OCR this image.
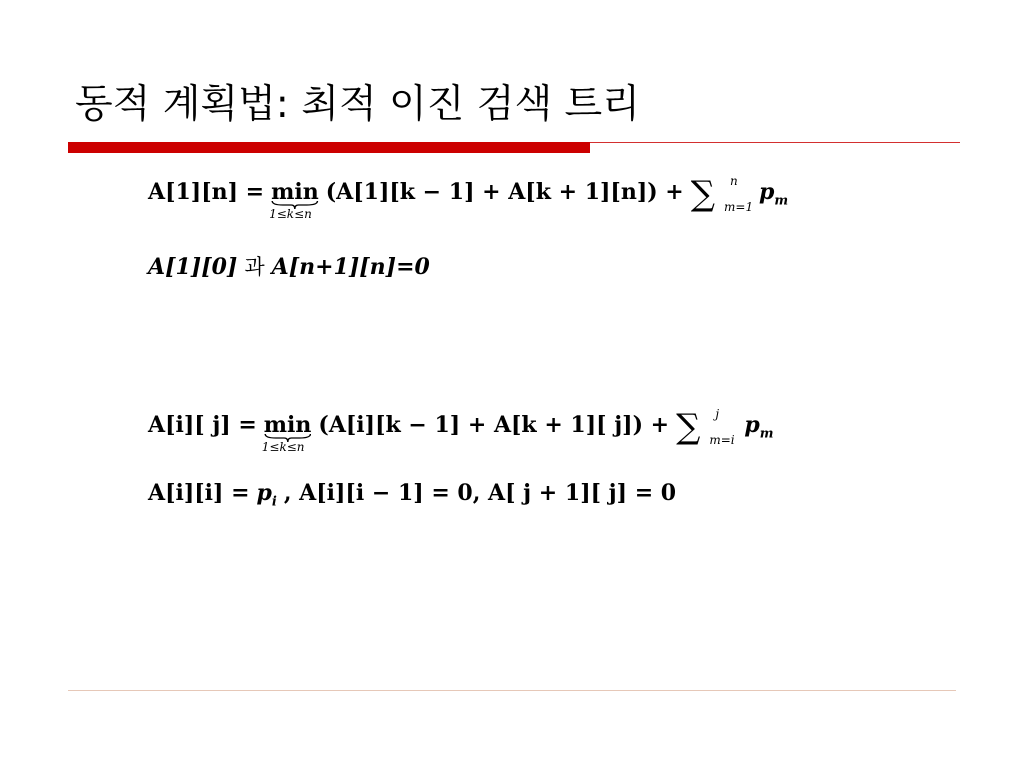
동적 계획법: 최적 이진 검색 트리
A[1][n] = min
1≤k≤n
(A[1][k − 1] + A[k + 1][n]) + ∑ n
m=1
$p_m$
A[1][0] 과 A[n+1][n]=0
A[i][ j] = min
1≤k≤n
(A[i][k − 1] + A[k + 1][ j]) + ∑ j
m=i
$p_m$
$A[i][i] = p_i$ , A[i][i − 1] = 0, A[ j + 1][ j] = 0
